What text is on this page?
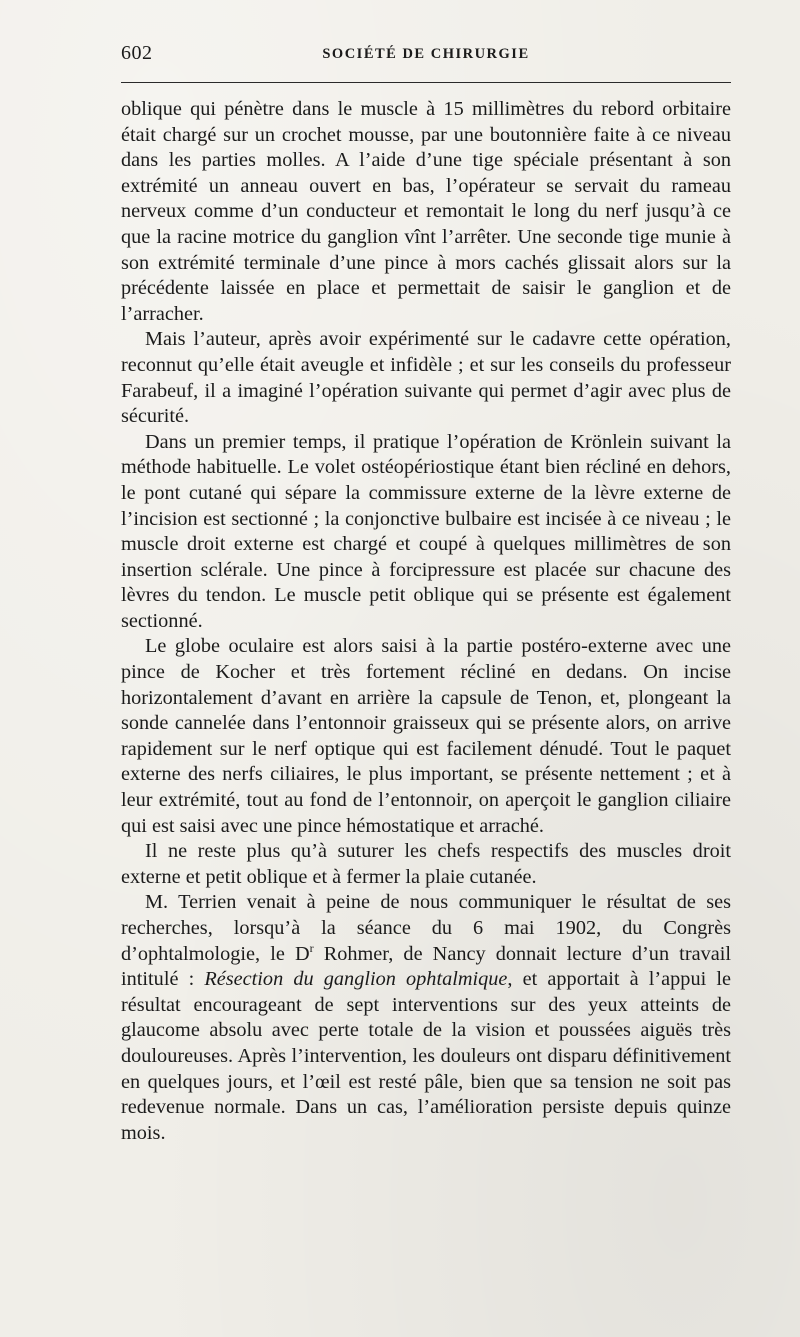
602	SOCIÉTÉ DE CHIRURGIE

oblique qui pénètre dans le muscle à 15 millimètres du rebord orbitaire était chargé sur un crochet mousse, par une boutonnière faite à ce niveau dans les parties molles. A l’aide d’une tige spéciale présentant à son extrémité un anneau ouvert en bas, l’opérateur se servait du rameau nerveux comme d’un conducteur et remontait le long du nerf jusqu’à ce que la racine motrice du ganglion vînt l’arrêter. Une seconde tige munie à son extrémité terminale d’une pince à mors cachés glissait alors sur la précédente laissée en place et permettait de saisir le ganglion et de l’arracher.

Mais l’auteur, après avoir expérimenté sur le cadavre cette opération, reconnut qu’elle était aveugle et infidèle ; et sur les conseils du professeur Farabeuf, il a imaginé l’opération suivante qui permet d’agir avec plus de sécurité.

Dans un premier temps, il pratique l’opération de Krönlein suivant la méthode habituelle. Le volet ostéopériostique étant bien récliné en dehors, le pont cutané qui sépare la commissure externe de la lèvre externe de l’incision est sectionné ; la conjonctive bulbaire est incisée à ce niveau ; le muscle droit externe est chargé et coupé à quelques millimètres de son insertion sclérale. Une pince à forcipressure est placée sur chacune des lèvres du tendon. Le muscle petit oblique qui se présente est également sectionné.

Le globe oculaire est alors saisi à la partie postéro-externe avec une pince de Kocher et très fortement récliné en dedans. On incise horizontalement d’avant en arrière la capsule de Tenon, et, plongeant la sonde cannelée dans l’entonnoir graisseux qui se présente alors, on arrive rapidement sur le nerf optique qui est facilement dénudé. Tout le paquet externe des nerfs ciliaires, le plus important, se présente nettement ; et à leur extrémité, tout au fond de l’entonnoir, on aperçoit le ganglion ciliaire qui est saisi avec une pince hémostatique et arraché.

Il ne reste plus qu’à suturer les chefs respectifs des muscles droit externe et petit oblique et à fermer la plaie cutanée.

M. Terrien venait à peine de nous communiquer le résultat de ses recherches, lorsqu’à la séance du 6 mai 1902, du Congrès d’ophtalmologie, le $D^r$ Rohmer, de Nancy donnait lecture d’un travail intitulé : Résection du ganglion ophtalmique, et apportait à l’appui le résultat encourageant de sept interventions sur des yeux atteints de glaucome absolu avec perte totale de la vision et poussées aiguës très douloureuses. Après l’intervention, les douleurs ont disparu définitivement en quelques jours, et l’œil est resté pâle, bien que sa tension ne soit pas redevenue normale. Dans un cas, l’amélioration persiste depuis quinze mois.
